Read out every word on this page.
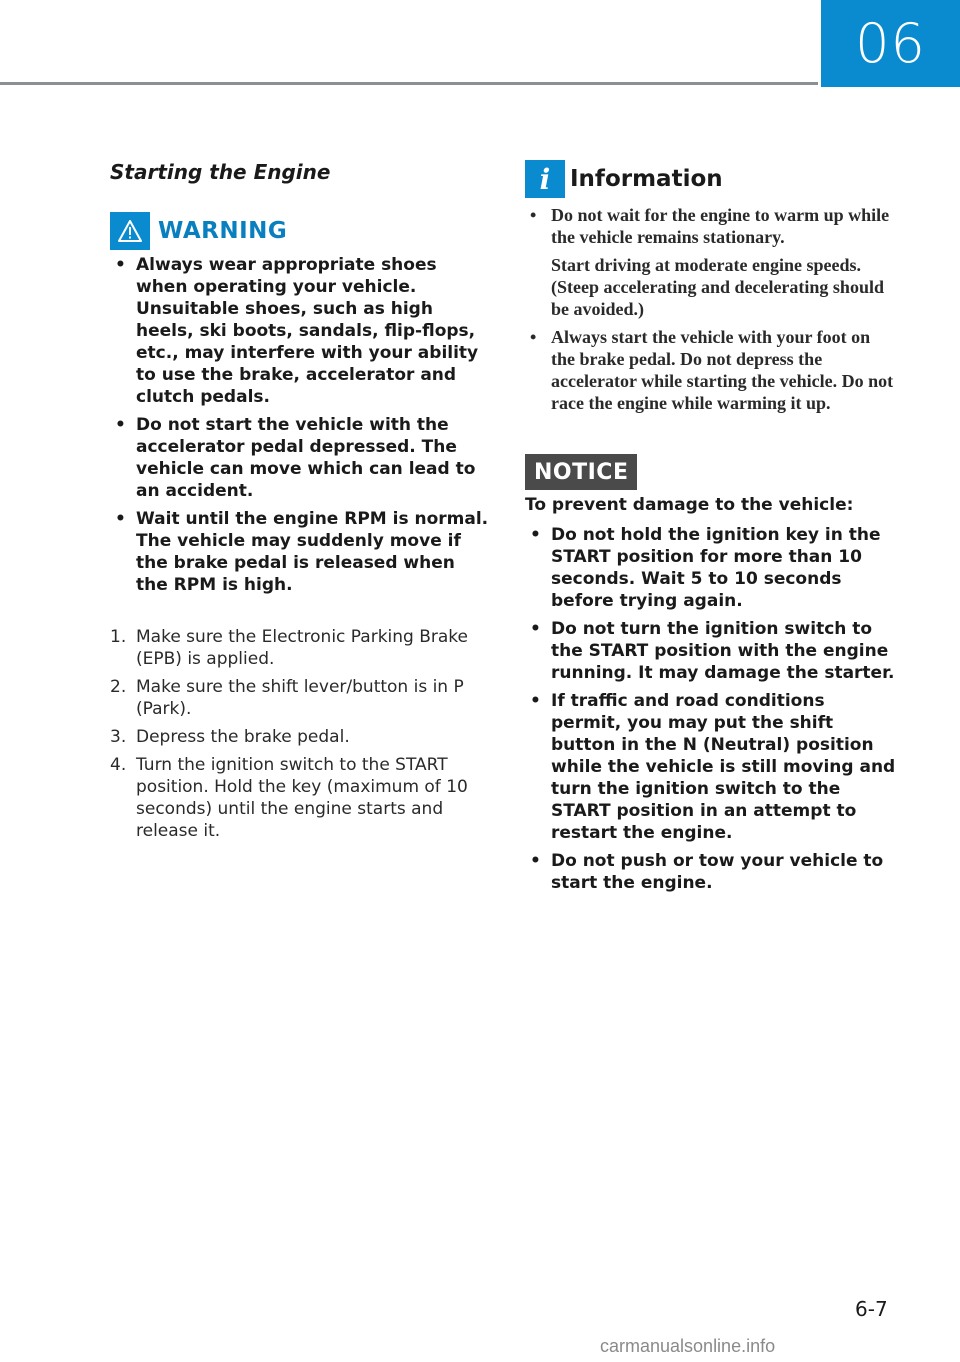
06
Starting the Engine
WARNING
• Always wear appropriate shoes when operating your vehicle. Unsuitable shoes, such as high heels, ski boots, sandals, flip-flops, etc., may interfere with your ability to use the brake, accelerator and clutch pedals.
• Do not start the vehicle with the accelerator pedal depressed. The vehicle can move which can lead to an accident.
• Wait until the engine RPM is normal. The vehicle may suddenly move if the brake pedal is released when the RPM is high.
1. Make sure the Electronic Parking Brake (EPB) is applied.
2. Make sure the shift lever/button is in P (Park).
3. Depress the brake pedal.
4. Turn the ignition switch to the START position. Hold the key (maximum of 10 seconds) until the engine starts and release it.
i Information
• Do not wait for the engine to warm up while the vehicle remains stationary.

Start driving at moderate engine speeds. (Steep accelerating and decelerating should be avoided.)

• Always start the vehicle with your foot on the brake pedal. Do not depress the accelerator while starting the vehicle. Do not race the engine while warming it up.
NOTICE
To prevent damage to the vehicle:
• Do not hold the ignition key in the START position for more than 10 seconds. Wait 5 to 10 seconds before trying again.
• Do not turn the ignition switch to the START position with the engine running. It may damage the starter.
• If traffic and road conditions permit, you may put the shift button in the N (Neutral) position while the vehicle is still moving and turn the ignition switch to the START position in an attempt to restart the engine.
• Do not push or tow your vehicle to start the engine.
6-7
carmanualsonline.info
